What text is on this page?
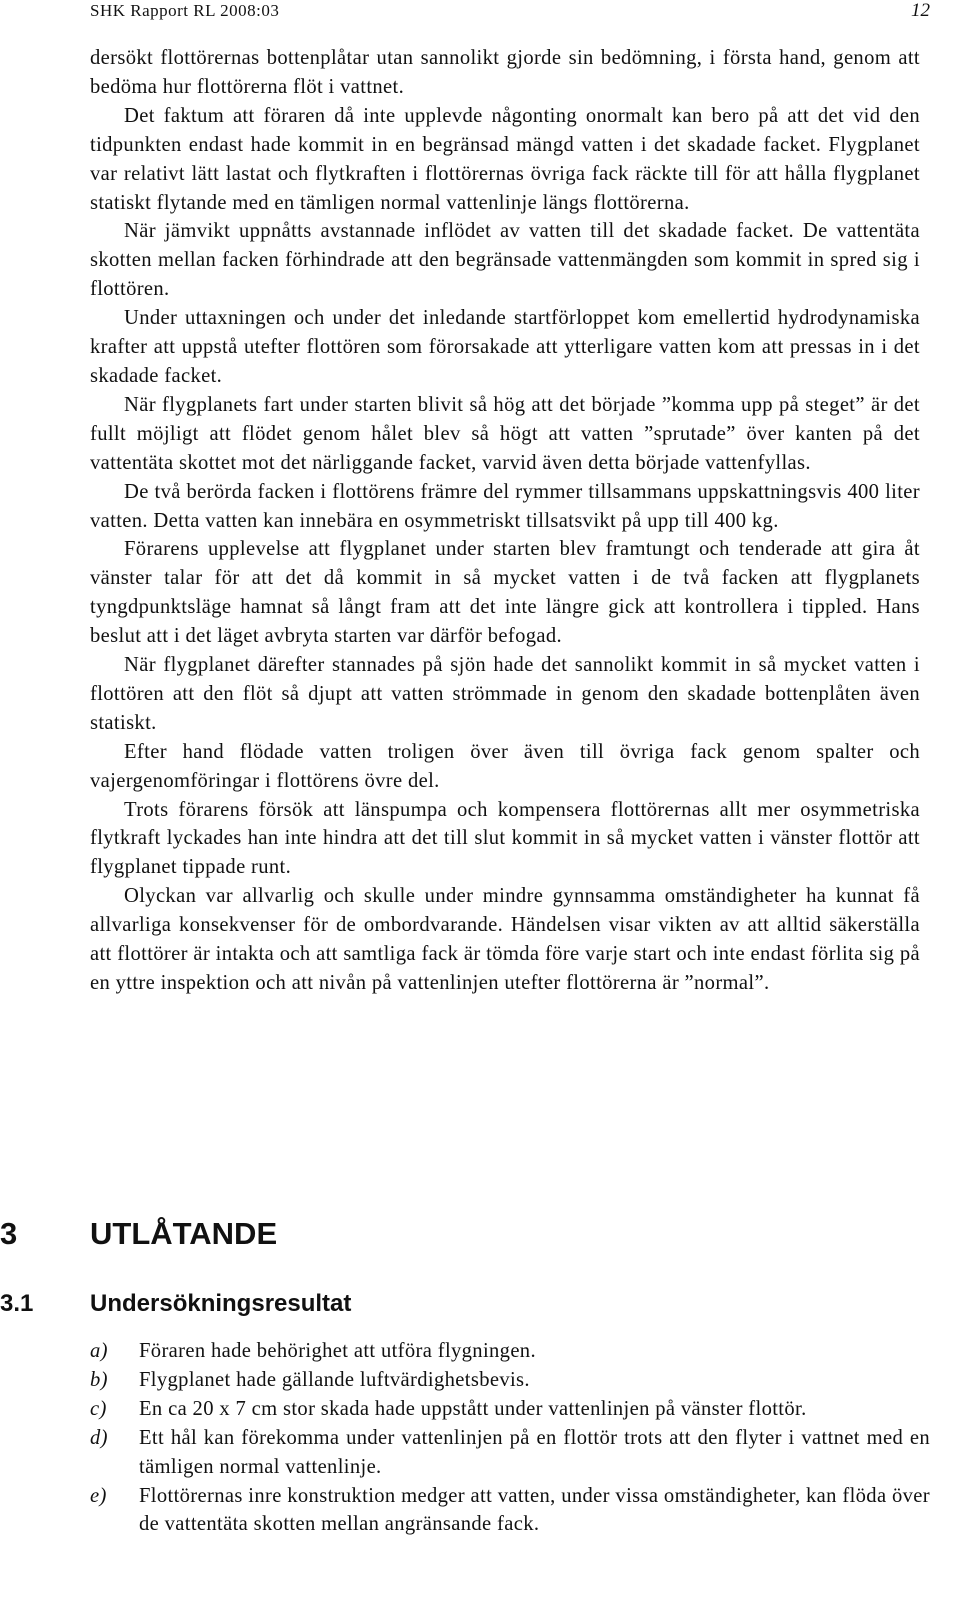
SHK Rapport RL 2008:03	12

dersökt flottörernas bottenplåtar utan sannolikt gjorde sin bedömning, i första hand, genom att bedöma hur flottörerna flöt i vattnet.

Det faktum att föraren då inte upplevde någonting onormalt kan bero på att det vid den tidpunkten endast hade kommit in en begränsad mängd vatten i det skadade facket. Flygplanet var relativt lätt lastat och flytkraften i flottörernas övriga fack räckte till för att hålla flygplanet statiskt flytande med en tämligen normal vattenlinje längs flottörerna.

När jämvikt uppnåtts avstannade inflödet av vatten till det skadade facket. De vattentäta skotten mellan facken förhindrade att den begränsade vattenmängden som kommit in spred sig i flottören.

Under uttaxningen och under det inledande startförloppet kom emellertid hydrodynamiska krafter att uppstå utefter flottören som förorsakade att ytterligare vatten kom att pressas in i det skadade facket.

När flygplanets fart under starten blivit så hög att det började ”komma upp på steget” är det fullt möjligt att flödet genom hålet blev så högt att vatten ”sprutade” över kanten på det vattentäta skottet mot det närliggande facket, varvid även detta började vattenfyllas.

De två berörda facken i flottörens främre del rymmer tillsammans uppskattningsvis 400 liter vatten. Detta vatten kan innebära en osymmetriskt tillsatsvikt på upp till 400 kg.

Förarens upplevelse att flygplanet under starten blev framtungt och tenderade att gira åt vänster talar för att det då kommit in så mycket vatten i de två facken att flygplanets tyngdpunktsläge hamnat så långt fram att det inte längre gick att kontrollera i tippled. Hans beslut att i det läget avbryta starten var därför befogad.

När flygplanet därefter stannades på sjön hade det sannolikt kommit in så mycket vatten i flottören att den flöt så djupt att vatten strömmade in genom den skadade bottenplåten även statiskt.

Efter hand flödade vatten troligen över även till övriga fack genom spalter och vajergenomföringar i flottörens övre del.

Trots förarens försök att länspumpa och kompensera flottörernas allt mer osymmetriska flytkraft lyckades han inte hindra att det till slut kommit in så mycket vatten i vänster flottör att flygplanet tippade runt.

Olyckan var allvarlig och skulle under mindre gynnsamma omständigheter ha kunnat få allvarliga konsekvenser för de ombordvarande. Händelsen visar vikten av att alltid säkerställa att flottörer är intakta och att samtliga fack är tömda före varje start och inte endast förlita sig på en yttre inspektion och att nivån på vattenlinjen utefter flottörerna är ”normal”.

3 UTLÅTANDE
3.1 Undersökningsresultat
a)	Föraren hade behörighet att utföra flygningen.
b)	Flygplanet hade gällande luftvärdighetsbevis.
c)	En ca 20 x 7 cm stor skada hade uppstått under vattenlinjen på vänster flottör.
d)	Ett hål kan förekomma under vattenlinjen på en flottör trots att den flyter i vattnet med en tämligen normal vattenlinje.
e)	Flottörernas inre konstruktion medger att vatten, under vissa omständigheter, kan flöda över de vattentäta skotten mellan angränsande fack.
